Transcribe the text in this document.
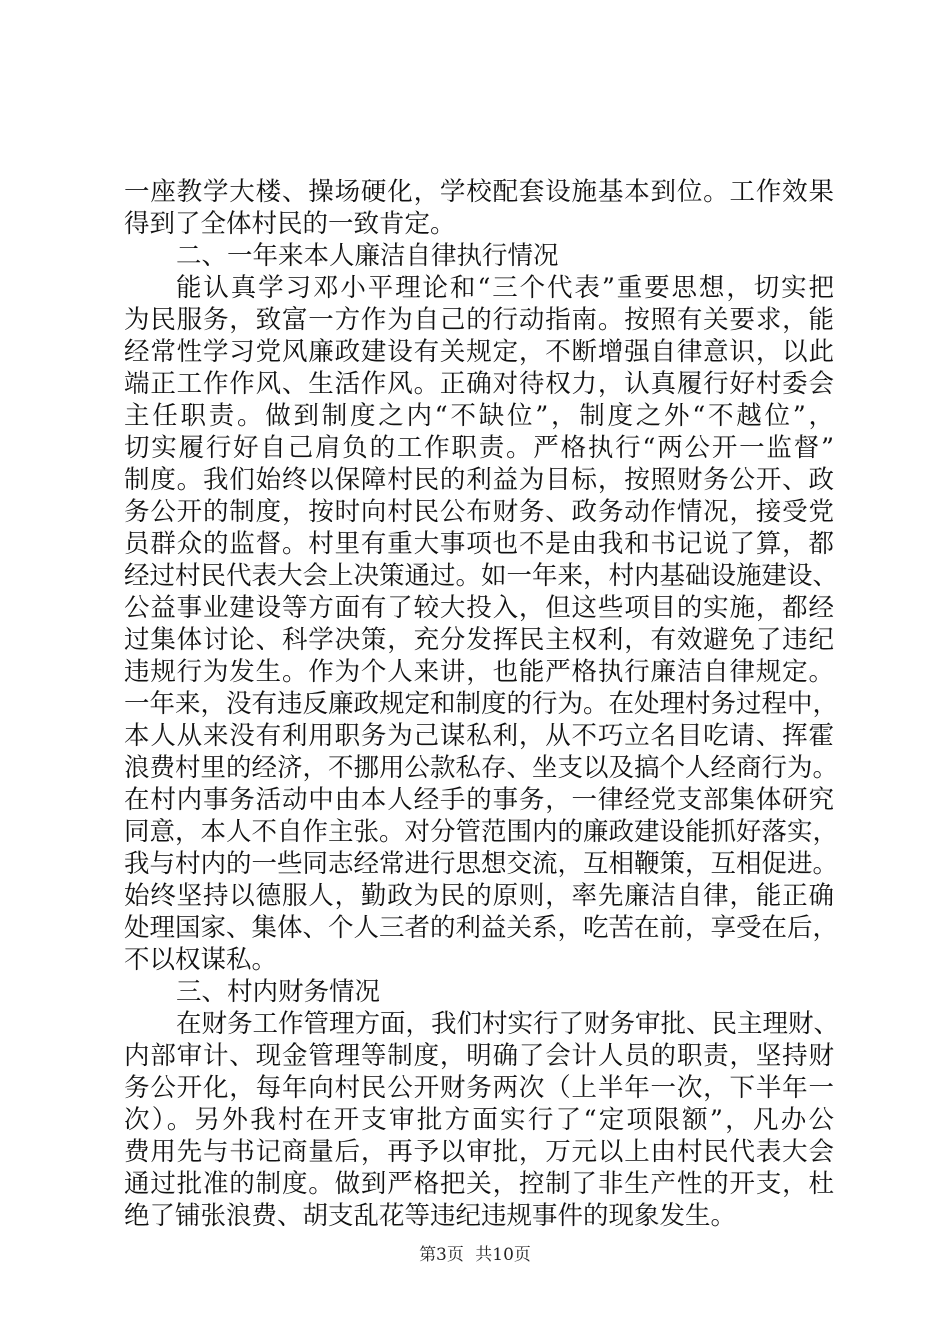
一座教学大楼、操场硬化，学校配套设施基本到位。工作效果
得到了全体村民的一致肯定。
二、一年来本人廉洁自律执行情况
能认真学习邓小平理论和“三个代表”重要思想，切实把
为民服务，致富一方作为自己的行动指南。按照有关要求，能
经常性学习党风廉政建设有关规定，不断增强自律意识，以此
端正工作作风、生活作风。正确对待权力，认真履行好村委会
主任职责。做到制度之内“不缺位”，制度之外“不越位”，
切实履行好自己肩负的工作职责。严格执行“两公开一监督”
制度。我们始终以保障村民的利益为目标，按照财务公开、政
务公开的制度，按时向村民公布财务、政务动作情况，接受党
员群众的监督。村里有重大事项也不是由我和书记说了算，都
经过村民代表大会上决策通过。如一年来，村内基础设施建设、
公益事业建设等方面有了较大投入，但这些项目的实施，都经
过集体讨论、科学决策，充分发挥民主权利，有效避免了违纪
违规行为发生。作为个人来讲，也能严格执行廉洁自律规定。
一年来，没有违反廉政规定和制度的行为。在处理村务过程中，
本人从来没有利用职务为己谋私利，从不巧立名目吃请、挥霍
浪费村里的经济，不挪用公款私存、坐支以及搞个人经商行为。
在村内事务活动中由本人经手的事务，一律经党支部集体研究
同意，本人不自作主张。对分管范围内的廉政建设能抓好落实，
我与村内的一些同志经常进行思想交流，互相鞭策，互相促进。
始终坚持以德服人，勤政为民的原则，率先廉洁自律，能正确
处理国家、集体、个人三者的利益关系，吃苦在前，享受在后，
不以权谋私。
三、村内财务情况
在财务工作管理方面，我们村实行了财务审批、民主理财、
内部审计、现金管理等制度，明确了会计人员的职责，坚持财
务公开化，每年向村民公开财务两次（上半年一次，下半年一
次）。另外我村在开支审批方面实行了“定项限额”，凡办公
费用先与书记商量后，再予以审批，万元以上由村民代表大会
通过批准的制度。做到严格把关，控制了非生产性的开支，杜
绝了铺张浪费、胡支乱花等违纪违规事件的现象发生。
第3页 共10页
